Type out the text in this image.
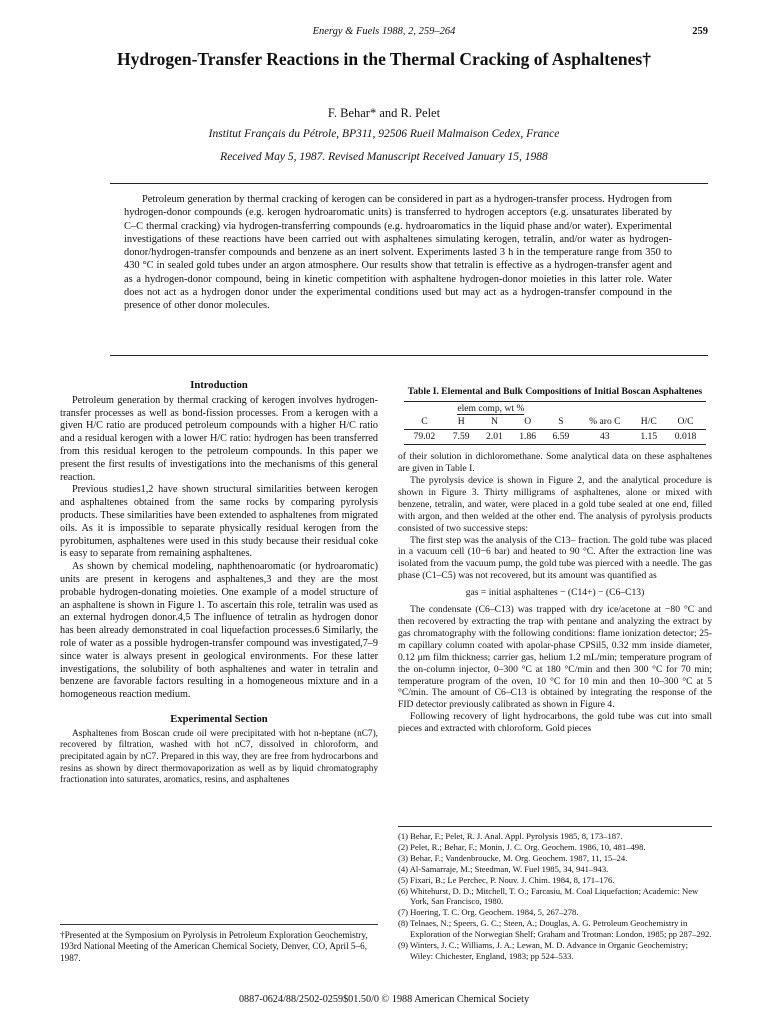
Energy & Fuels 1988, 2, 259–264	259
Hydrogen-Transfer Reactions in the Thermal Cracking of Asphaltenes†
F. Behar* and R. Pelet
Institut Français du Pétrole, BP311, 92506 Rueil Malmaison Cedex, France
Received May 5, 1987. Revised Manuscript Received January 15, 1988
Petroleum generation by thermal cracking of kerogen can be considered in part as a hydrogen-transfer process. Hydrogen from hydrogen-donor compounds (e.g. kerogen hydroaromatic units) is transferred to hydrogen acceptors (e.g. unsaturates liberated by C–C thermal cracking) via hydrogen-transferring compounds (e.g. hydroaromatics in the liquid phase and/or water). Experimental investigations of these reactions have been carried out with asphaltenes simulating kerogen, tetralin, and/or water as hydrogen-donor/hydrogen-transfer compounds and benzene as an inert solvent. Experiments lasted 3 h in the temperature range from 350 to 430 °C in sealed gold tubes under an argon atmosphere. Our results show that tetralin is effective as a hydrogen-transfer agent and as a hydrogen-donor compound, being in kinetic competition with asphaltene hydrogen-donor moieties in this latter role. Water does not act as a hydrogen donor under the experimental conditions used but may act as a hydrogen-transfer compound in the presence of other donor molecules.
Introduction

Petroleum generation by thermal cracking of kerogen involves hydrogen-transfer processes as well as bond-fission processes. From a kerogen with a given H/C ratio are produced petroleum compounds with a higher H/C ratio and a residual kerogen with a lower H/C ratio: hydrogen has been transferred from this residual kerogen to the petroleum compounds. In this paper we present the first results of investigations into the mechanisms of this general reaction.

Previous studies1,2 have shown structural similarities between kerogen and asphaltenes obtained from the same rocks by comparing pyrolysis products. These similarities have been extended to asphaltenes from migrated oils. As it is impossible to separate physically residual kerogen from the pyrobitumen, asphaltenes were used in this study because their residual coke is easy to separate from remaining asphaltenes.

As shown by chemical modeling, naphthenoaromatic (or hydroaromatic) units are present in kerogens and asphaltenes,3 and they are the most probable hydrogen-donating moieties. One example of a model structure of an asphaltene is shown in Figure 1. To ascertain this role, tetralin was used as an external hydrogen donor.4,5 The influence of tetralin as hydrogen donor has been already demonstrated in coal liquefaction processes.6 Similarly, the role of water as a possible hydrogen-transfer compound was investigated,7–9 since water is always present in geological environments. For these latter investigations, the solubility of both asphaltenes and water in tetralin and benzene are favorable factors resulting in a homogeneous mixture and in a homogeneous reaction medium.

Experimental Section

Asphaltenes from Boscan crude oil were precipitated with hot n-heptane (nC7), recovered by filtration, washed with hot nC7, dissolved in chloroform, and precipitated again by nC7. Prepared in this way, they are free from hydrocarbons and resins as shown by direct thermovaporization as well as by liquid chromatography fractionation into saturates, aromatics, resins, and asphaltenes

†Presented at the Symposium on Pyrolysis in Petroleum Exploration Geochemistry, 193rd National Meeting of the American Chemical Society, Denver, CO, April 5–6, 1987.
Table I. Elemental and Bulk Compositions of Initial Boscan Asphaltenes
elem comp, wt %							
C	H	N	O	S	% aro C	H/C	O/C
79.02	7.59	2.01	1.86	6.59	43	1.15	0.018

of their solution in dichloromethane. Some analytical data on these asphaltenes are given in Table I.

The pyrolysis device is shown in Figure 2, and the analytical procedure is shown in Figure 3. Thirty milligrams of asphaltenes, alone or mixed with benzene, tetralin, and water, were placed in a gold tube sealed at one end, filled with argon, and then welded at the other end. The analysis of pyrolysis products consisted of two successive steps:

The first step was the analysis of the C13– fraction. The gold tube was placed in a vacuum cell (10−6 bar) and heated to 90 °C. After the extraction line was isolated from the vacuum pump, the gold tube was pierced with a needle. The gas phase (C1–C5) was not recovered, but its amount was quantified as

gas = initial asphaltenes − (C14+) − (C6–C13)

The condensate (C6–C13) was trapped with dry ice/acetone at −80 °C and then recovered by extracting the trap with pentane and analyzing the extract by gas chromatography with the following conditions: flame ionization detector; 25-m capillary column coated with apolar-phase CPSil5, 0.32 mm inside diameter, 0.12 μm film thickness; carrier gas, helium 1.2 mL/min; temperature program of the on-column injector, 0–300 °C at 180 °C/min and then 300 °C for 70 min; temperature program of the oven, 10 °C for 10 min and then 10–300 °C at 5 °C/min. The amount of C6–C13 is obtained by integrating the response of the FID detector previously calibrated as shown in Figure 4.

Following recovery of light hydrocarbons, the gold tube was cut into small pieces and extracted with chloroform. Gold pieces

(1) Behar, F.; Pelet, R. J. Anal. Appl. Pyrolysis 1985, 8, 173–187.

(2) Pelet, R.; Behar, F.; Monin, J. C. Org. Geochem. 1986, 10, 481–498.

(3) Behar, F.; Vandenbroucke, M. Org. Geochem. 1987, 11, 15–24.

(4) Al-Samarraje, M.; Steedman, W. Fuel 1985, 34, 941–943.

(5) Fixari, B.; Le Perchec, P. Nouv. J. Chim. 1984, 8, 171–176.

(6) Whitehurst, D. D.; Mitchell, T. O.; Farcasiu, M. Coal Liquefaction; Academic: New York, San Francisco, 1980.

(7) Hoering, T. C. Org. Geochem. 1984, 5, 267–278.

(8) Telnaes, N.; Speers, G. C.; Steen, A.; Douglas, A. G. Petroleum Geochemistry in Exploration of the Norwegian Shelf; Graham and Trotman: London, 1985; pp 287–292.

(9) Winters, J. C.; Williams, J. A.; Lewan, M. D. Advance in Organic Geochemistry; Wiley: Chichester, England, 1983; pp 524–533.

0887-0624/88/2502-0259$01.50/0 © 1988 American Chemical Society
